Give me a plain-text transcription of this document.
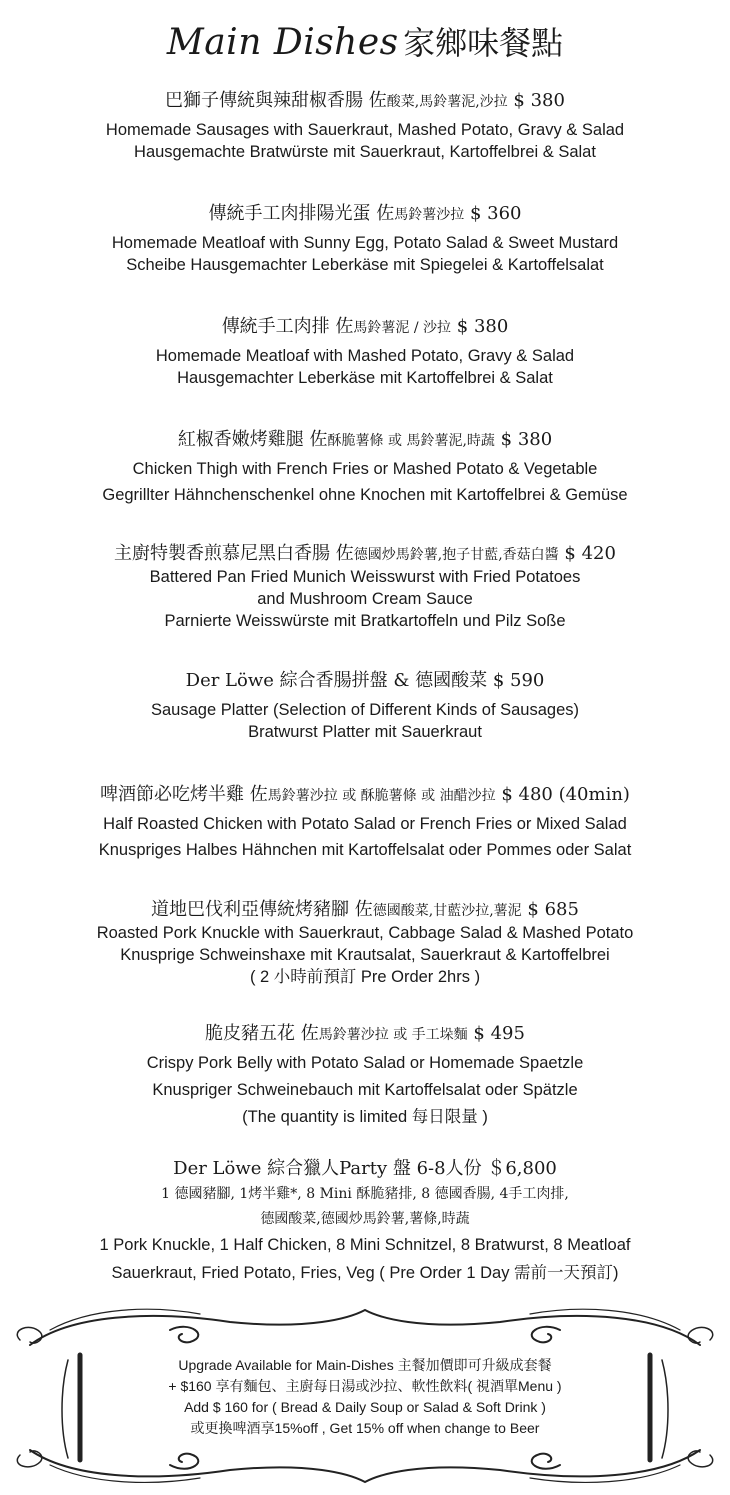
Main Dishes 家鄉味餐點
巴獅子傳統與辣甜椒香腸 佐酸菜,馬鈴薯泥,沙拉 $ 380
Homemade Sausages with Sauerkraut, Mashed Potato, Gravy & Salad
Hausgemachte Bratwürste mit Sauerkraut, Kartoffelbrei & Salat
傳統手工肉排陽光蛋 佐馬鈴薯沙拉 $ 360
Homemade Meatloaf with Sunny Egg, Potato Salad & Sweet Mustard
Scheibe Hausgemachter Leberkäse mit Spiegelei & Kartoffelsalat
傳統手工肉排 佐馬鈴薯泥 / 沙拉 $ 380
Homemade Meatloaf with Mashed Potato, Gravy & Salad
Hausgemachter Leberkäse mit Kartoffelbrei & Salat
紅椒香嫩烤雞腿 佐酥脆薯條 或 馬鈴薯泥,時蔬 $ 380
Chicken Thigh with French Fries or Mashed Potato & Vegetable
Gegrillter Hähnchenschenkel ohne Knochen mit Kartoffelbrei & Gemüse
主廚特製香煎慕尼黑白香腸 佐德國炒馬鈴薯,抱子甘藍,香菇白醬 $ 420
Battered Pan Fried Munich Weisswurst with Fried Potatoes
and Mushroom Cream Sauce
Parnierte Weisswürste mit Bratkartoffeln und Pilz Soße
Der Löwe 綜合香腸拼盤 & 德國酸菜 $ 590
Sausage Platter (Selection of Different Kinds of Sausages)
Bratwurst Platter mit Sauerkraut
啤酒節必吃烤半雞 佐馬鈴薯沙拉 或 酥脆薯條 或 油醋沙拉 $ 480 (40min)
Half Roasted Chicken with Potato Salad or French Fries or Mixed Salad
Knuspriges Halbes Hähnchen mit Kartoffelsalat oder Pommes oder Salat
道地巴伐利亞傳統烤豬腳 佐德國酸菜,甘藍沙拉,薯泥 $ 685
Roasted Pork Knuckle with Sauerkraut, Cabbage Salad & Mashed Potato
Knusprige Schweinshaxe mit Krautsalat, Sauerkraut & Kartoffelbrei
( 2 小時前預訂 Pre Order 2hrs )
脆皮豬五花 佐馬鈴薯沙拉 或 手工垛麵 $ 495
Crispy Pork Belly with Potato Salad or Homemade Spaetzle
Knuspriger Schweinebauch mit Kartoffelsalat oder Spätzle
(The quantity is limited 每日限量 )
Der Löwe 綜合獵人Party 盤 6-8人份 ＄6,800
1 德國豬腳, 1烤半雞*, 8 Mini 酥脆豬排, 8 德國香腸, 4手工肉排,
德國酸菜,德國炒馬鈴薯,薯條,時蔬
1 Pork Knuckle, 1 Half Chicken, 8 Mini Schnitzel, 8 Bratwurst, 8 Meatloaf
Sauerkraut, Fried Potato, Fries, Veg ( Pre Order 1 Day 需前一天預訂)
Upgrade Available for Main-Dishes 主餐加價即可升級成套餐
+ $160 享有麵包、主廚每日湯或沙拉、軟性飲料( 視酒單Menu )
Add $ 160 for ( Bread & Daily Soup or Salad & Soft Drink )
或更換啤酒享15%off , Get 15% off when change to Beer
